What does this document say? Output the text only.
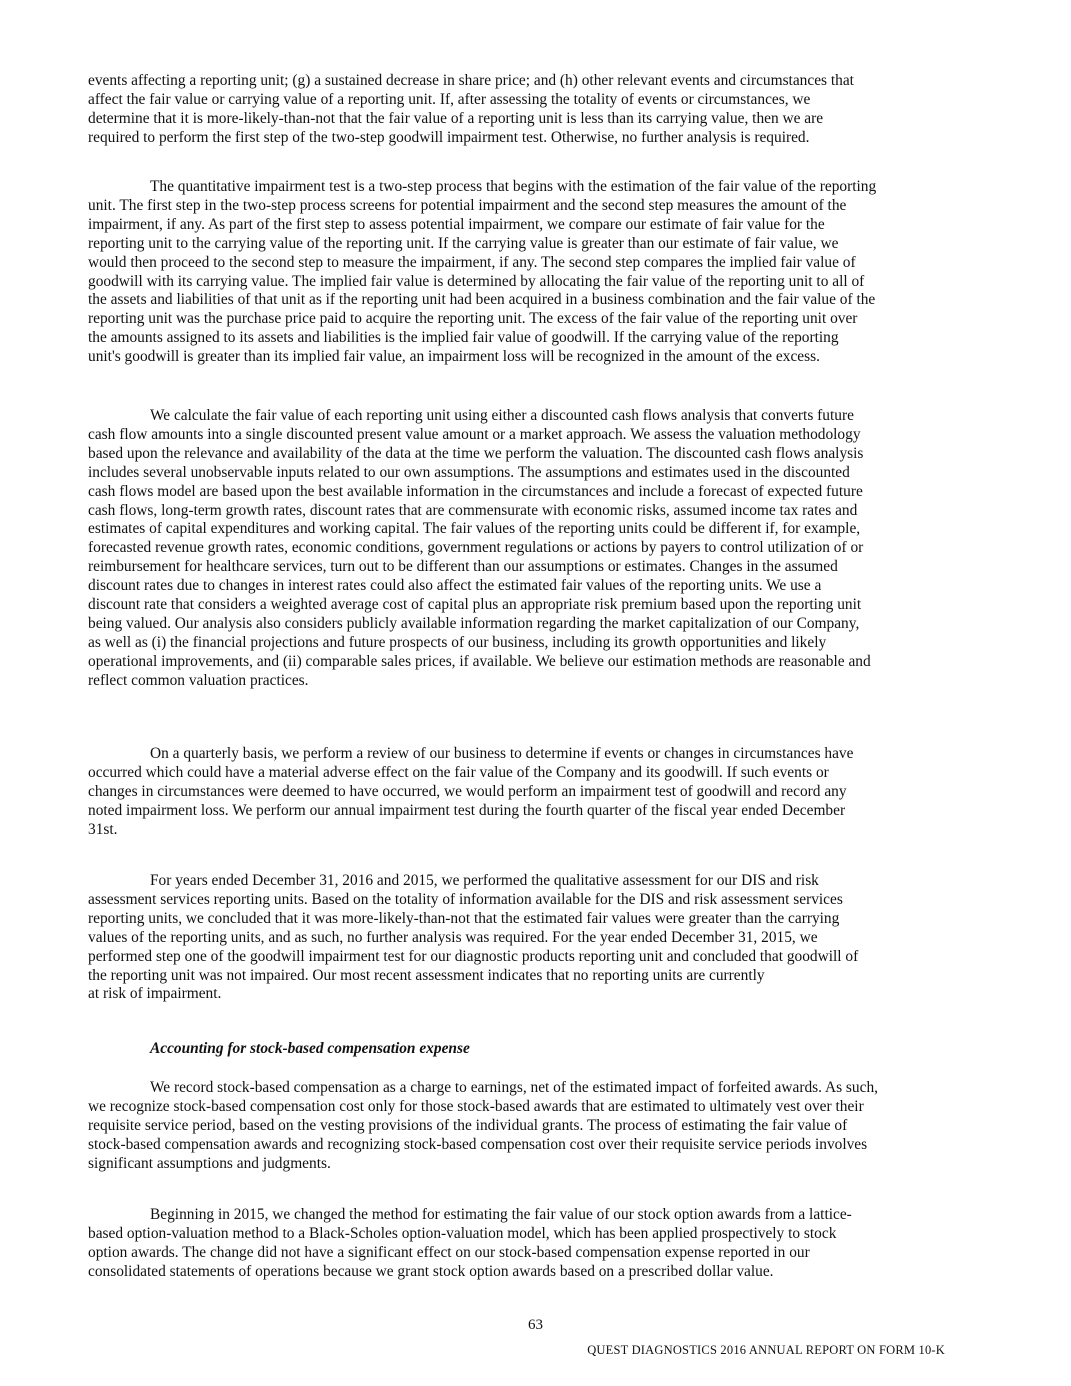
events affecting a reporting unit; (g) a sustained decrease in share price; and (h) other relevant events and circumstances that
affect the fair value or carrying value of a reporting unit. If, after assessing the totality of events or circumstances, we
determine that it is more-likely-than-not that the fair value of a reporting unit is less than its carrying value, then we are
required to perform the first step of the two-step goodwill impairment test. Otherwise, no further analysis is required.

The quantitative impairment test is a two-step process that begins with the estimation of the fair value of the reporting
unit. The first step in the two-step process screens for potential impairment and the second step measures the amount of the
impairment, if any. As part of the first step to assess potential impairment, we compare our estimate of fair value for the
reporting unit to the carrying value of the reporting unit. If the carrying value is greater than our estimate of fair value, we
would then proceed to the second step to measure the impairment, if any. The second step compares the implied fair value of
goodwill with its carrying value. The implied fair value is determined by allocating the fair value of the reporting unit to all of
the assets and liabilities of that unit as if the reporting unit had been acquired in a business combination and the fair value of the
reporting unit was the purchase price paid to acquire the reporting unit. The excess of the fair value of the reporting unit over
the amounts assigned to its assets and liabilities is the implied fair value of goodwill. If the carrying value of the reporting
unit's goodwill is greater than its implied fair value, an impairment loss will be recognized in the amount of the excess.

We calculate the fair value of each reporting unit using either a discounted cash flows analysis that converts future
cash flow amounts into a single discounted present value amount or a market approach. We assess the valuation methodology
based upon the relevance and availability of the data at the time we perform the valuation. The discounted cash flows analysis
includes several unobservable inputs related to our own assumptions. The assumptions and estimates used in the discounted
cash flows model are based upon the best available information in the circumstances and include a forecast of expected future
cash flows, long-term growth rates, discount rates that are commensurate with economic risks, assumed income tax rates and
estimates of capital expenditures and working capital. The fair values of the reporting units could be different if, for example,
forecasted revenue growth rates, economic conditions, government regulations or actions by payers to control utilization of or
reimbursement for healthcare services, turn out to be different than our assumptions or estimates. Changes in the assumed
discount rates due to changes in interest rates could also affect the estimated fair values of the reporting units. We use a
discount rate that considers a weighted average cost of capital plus an appropriate risk premium based upon the reporting unit
being valued. Our analysis also considers publicly available information regarding the market capitalization of our Company,
as well as (i) the financial projections and future prospects of our business, including its growth opportunities and likely
operational improvements, and (ii) comparable sales prices, if available. We believe our estimation methods are reasonable and
reflect common valuation practices.

On a quarterly basis, we perform a review of our business to determine if events or changes in circumstances have
occurred which could have a material adverse effect on the fair value of the Company and its goodwill. If such events or
changes in circumstances were deemed to have occurred, we would perform an impairment test of goodwill and record any
noted impairment loss. We perform our annual impairment test during the fourth quarter of the fiscal year ended December
31st.

For years ended December 31, 2016 and 2015, we performed the qualitative assessment for our DIS and risk
assessment services reporting units. Based on the totality of information available for the DIS and risk assessment services
reporting units, we concluded that it was more-likely-than-not that the estimated fair values were greater than the carrying
values of the reporting units, and as such, no further analysis was required. For the year ended December 31, 2015, we
performed step one of the goodwill impairment test for our diagnostic products reporting unit and concluded that goodwill of
the reporting unit was not impaired. Our most recent assessment indicates that no reporting units are currently
at risk of impairment.

Accounting for stock-based compensation expense

We record stock-based compensation as a charge to earnings, net of the estimated impact of forfeited awards. As such,
we recognize stock-based compensation cost only for those stock-based awards that are estimated to ultimately vest over their
requisite service period, based on the vesting provisions of the individual grants. The process of estimating the fair value of
stock-based compensation awards and recognizing stock-based compensation cost over their requisite service periods involves
significant assumptions and judgments.

Beginning in 2015, we changed the method for estimating the fair value of our stock option awards from a lattice-
based option-valuation method to a Black-Scholes option-valuation model, which has been applied prospectively to stock
option awards. The change did not have a significant effect on our stock-based compensation expense reported in our
consolidated statements of operations because we grant stock option awards based on a prescribed dollar value.

63
QUEST DIAGNOSTICS 2016 ANNUAL REPORT ON FORM 10-K
